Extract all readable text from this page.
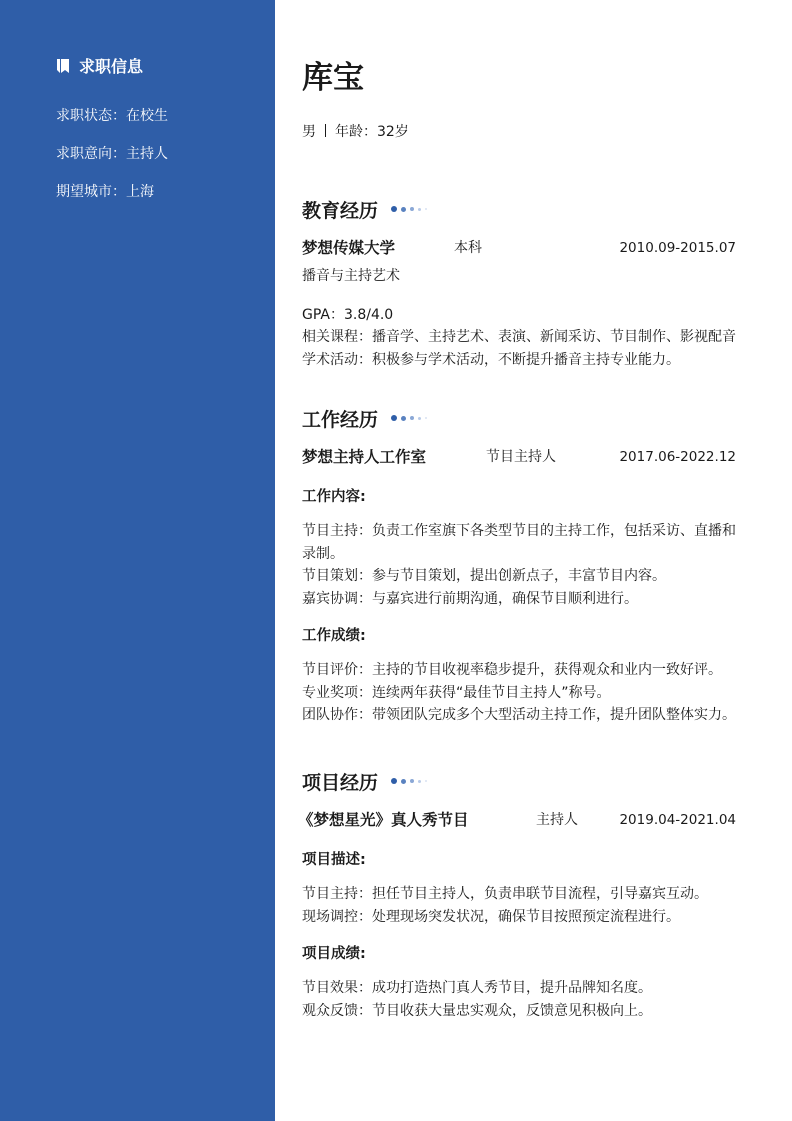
求职信息
求职状态：在校生
求职意向：主持人
期望城市：上海
库宝
男 年龄：32岁
教育经历
梦想传媒大学	本科	2010.09-2015.07
播音与主持艺术
GPA：3.8/4.0
相关课程：播音学、主持艺术、表演、新闻采访、节目制作、影视配音
学术活动：积极参与学术活动，不断提升播音主持专业能力。
工作经历
梦想主持人工作室	节目主持人	2017.06-2022.12
工作内容:
节目主持：负责工作室旗下各类型节目的主持工作，包括采访、直播和
录制。
节目策划：参与节目策划，提出创新点子，丰富节目内容。
嘉宾协调：与嘉宾进行前期沟通，确保节目顺利进行。
工作成绩:
节目评价：主持的节目收视率稳步提升，获得观众和业内一致好评。
专业奖项：连续两年获得“最佳节目主持人”称号。
团队协作：带领团队完成多个大型活动主持工作，提升团队整体实力。
项目经历
《梦想星光》真人秀节目	主持人	2019.04-2021.04
项目描述:
节目主持：担任节目主持人，负责串联节目流程，引导嘉宾互动。
现场调控：处理现场突发状况，确保节目按照预定流程进行。
项目成绩:
节目效果：成功打造热门真人秀节目，提升品牌知名度。
观众反馈：节目收获大量忠实观众，反馈意见积极向上。
